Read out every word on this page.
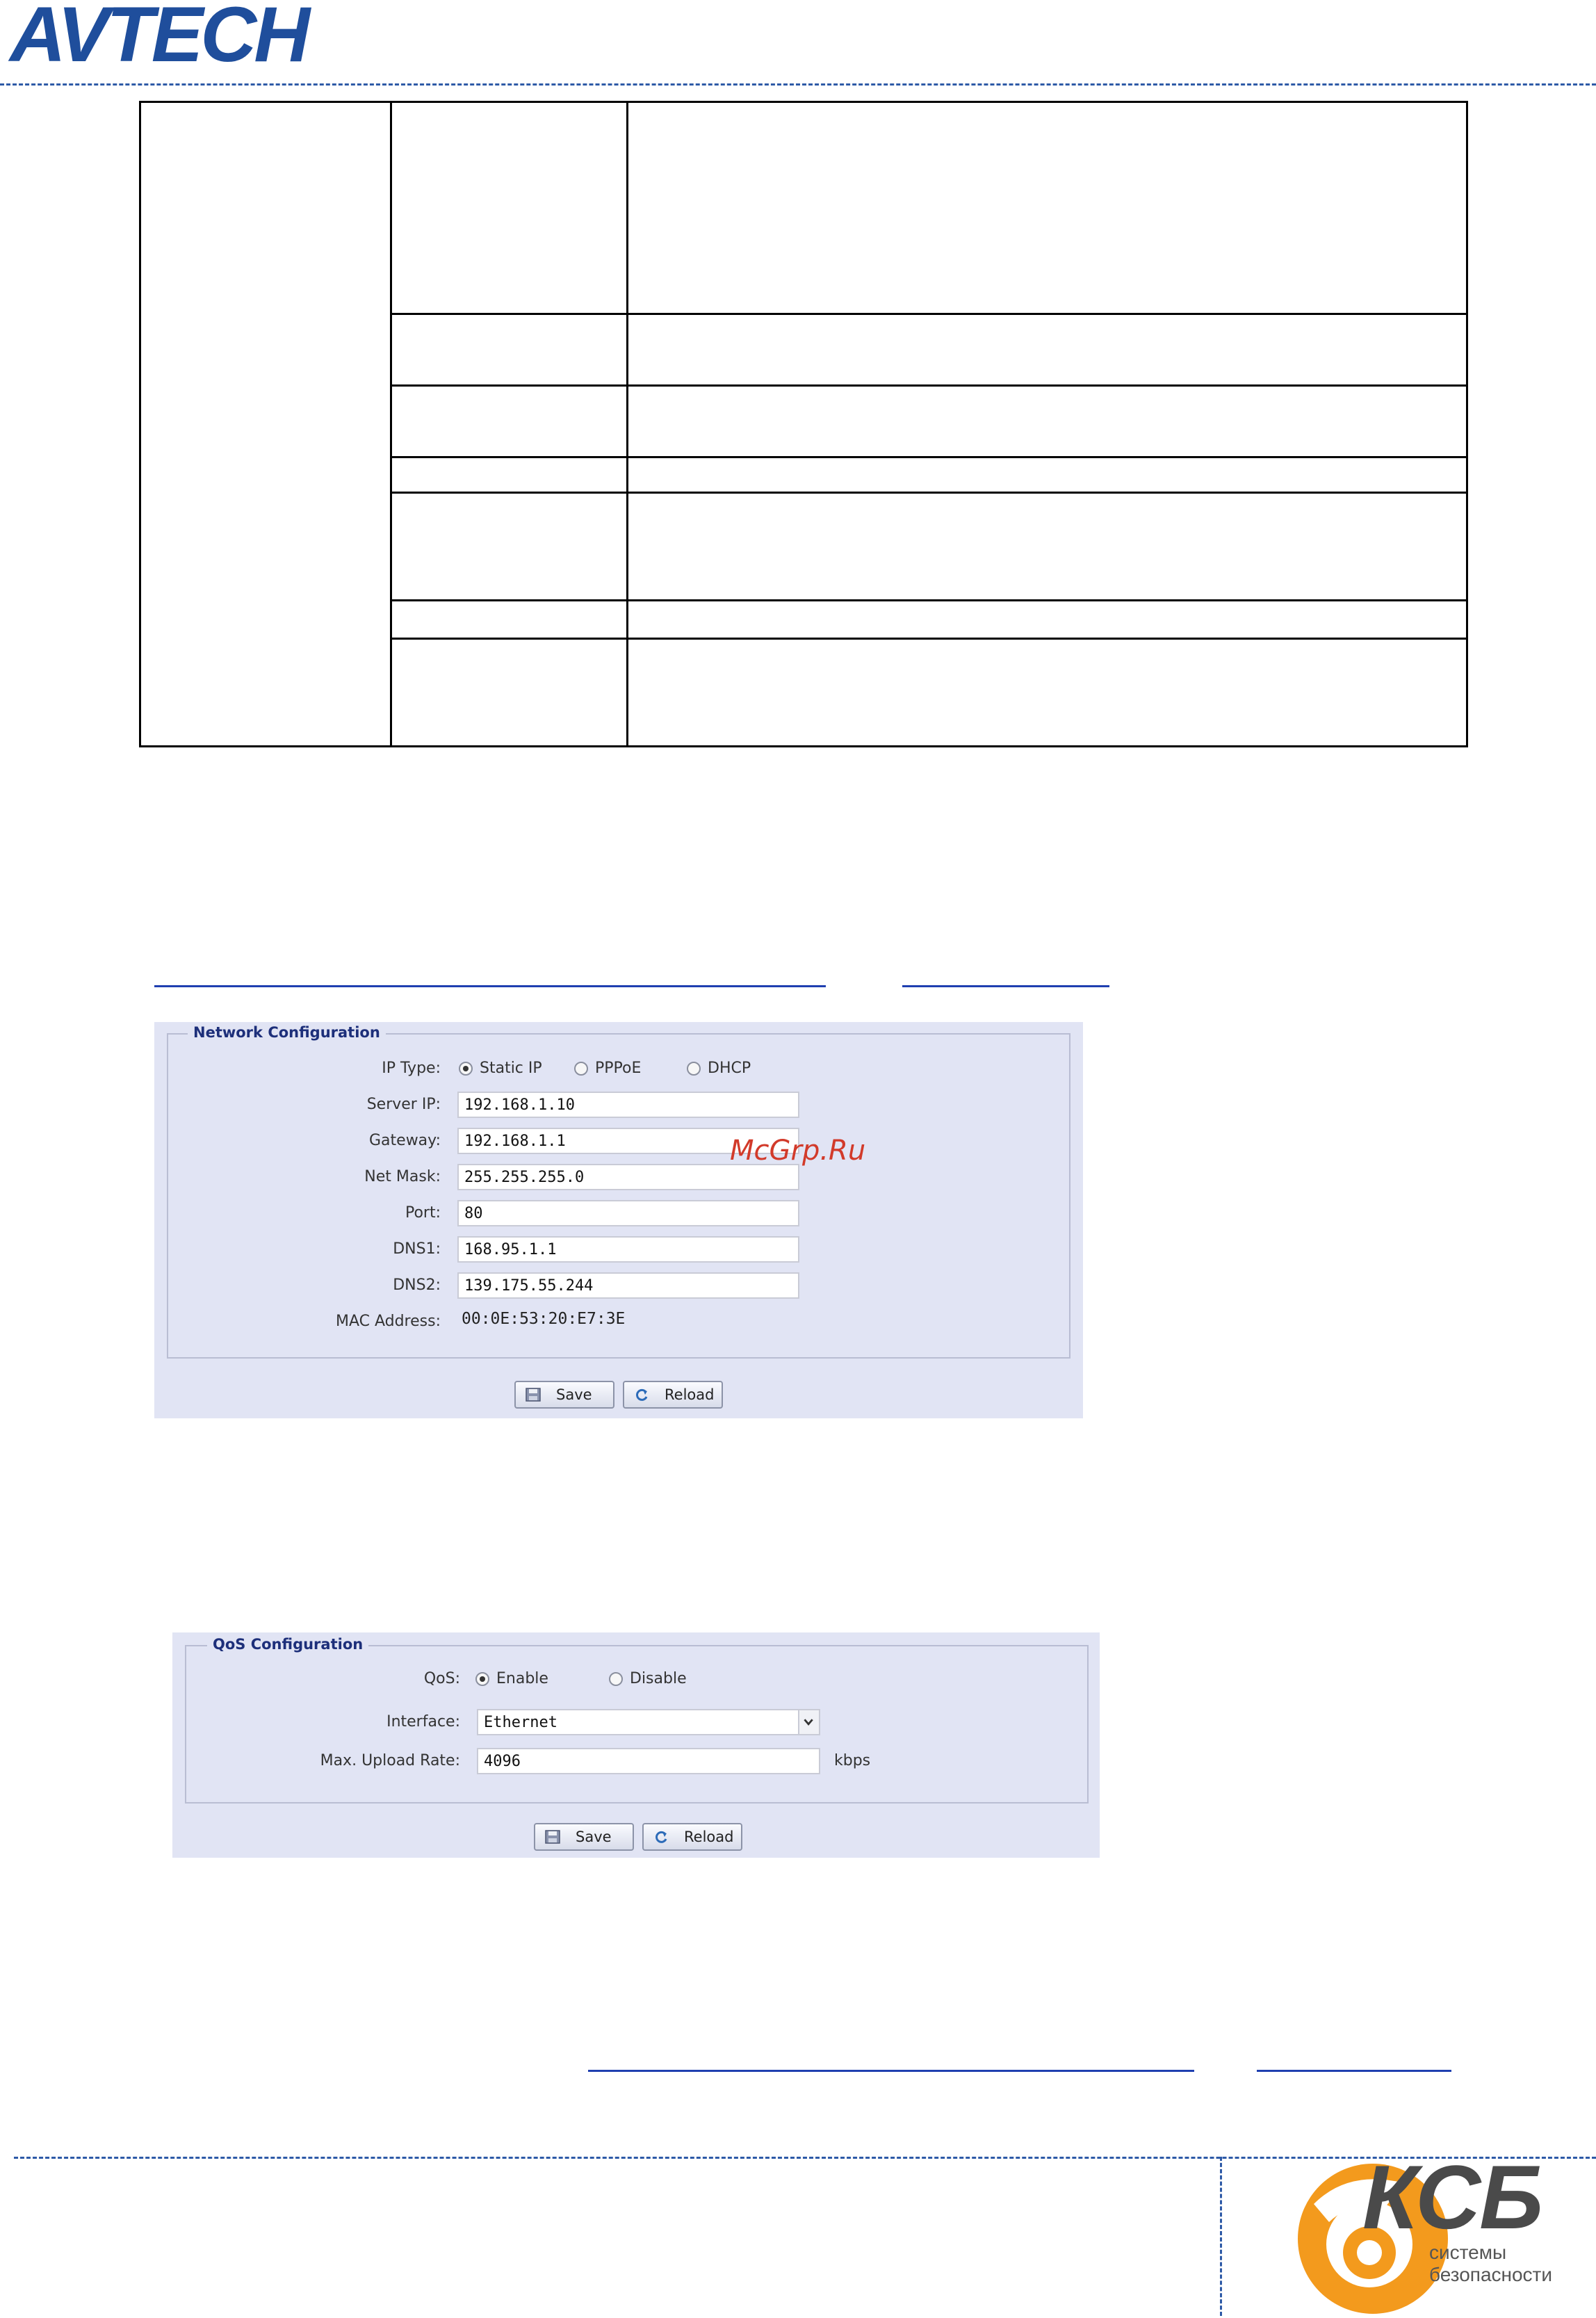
AVTECH
Network Configuration
IP Type:	Static IP	PPPoE	DHCP
Server IP:	192.168.1.10
Gateway:	192.168.1.1
Net Mask:	255.255.255.0
Port:	80
DNS1:	168.95.1.1
DNS2:	139.175.55.244
MAC Address: 00:0E:53:20:E7:3E
Save	Reload
McGrp.Ru
QoS Configuration
QoS: Enable	Disable
Interface:	Ethernet
Max. Upload Rate:	4096	kbps
Save	Reload
КСБ
системы
безопасности
